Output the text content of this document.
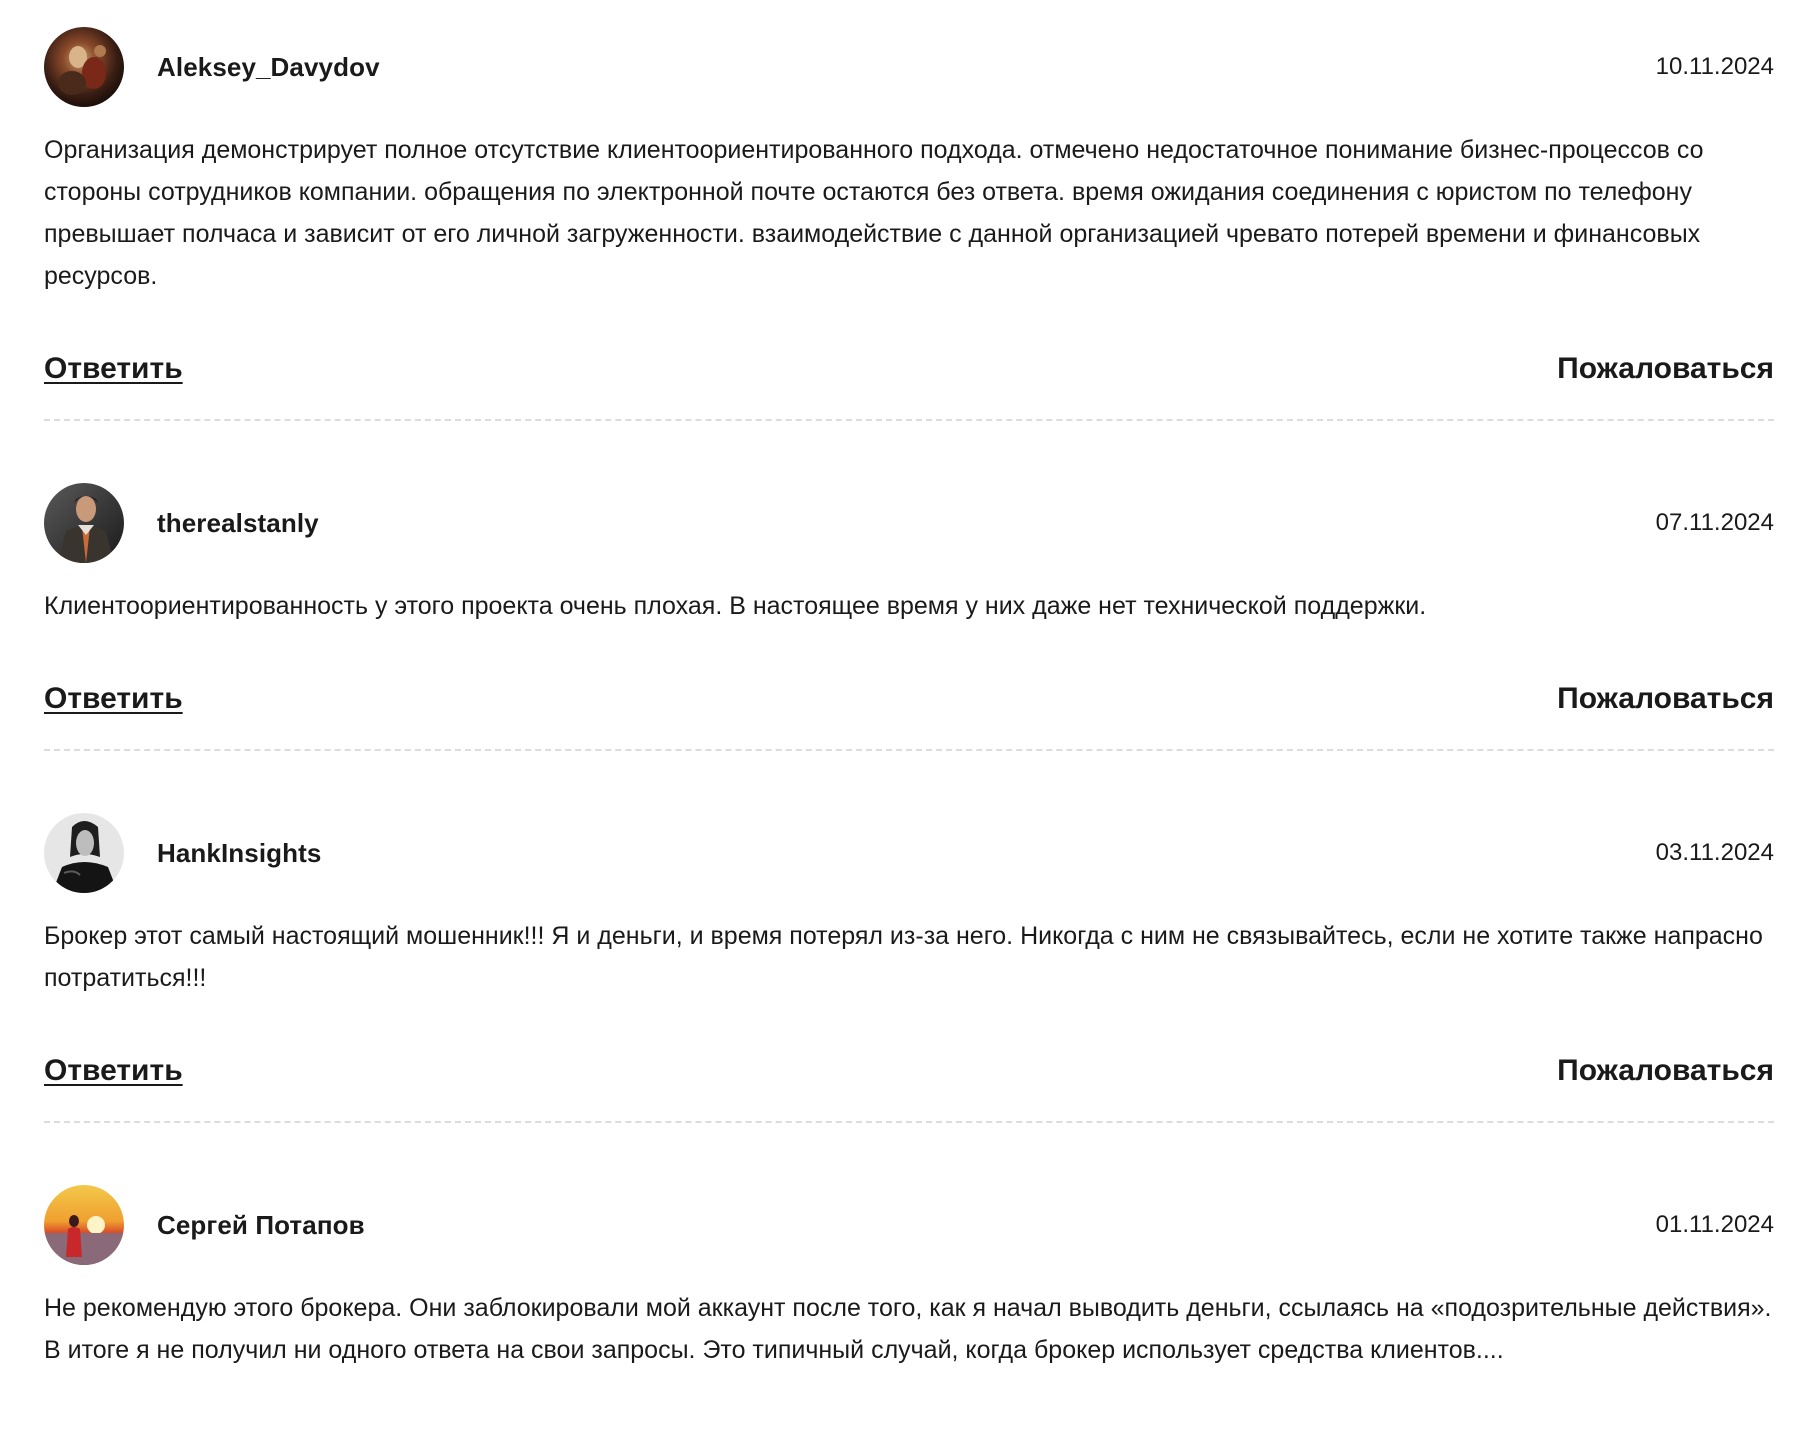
Aleksey_Davydov	10.11.2024

Организация демонстрирует полное отсутствие клиентоориентированного подхода. отмечено недостаточное понимание бизнес-процессов со стороны сотрудников компании. обращения по электронной почте остаются без ответа. время ожидания соединения с юристом по телефону превышает полчаса и зависит от его личной загруженности. взаимодействие с данной организацией чревато потерей времени и финансовых ресурсов.

Ответить	Пожаловаться
therealstanly	07.11.2024

Клиентоориентированность у этого проекта очень плохая. В настоящее время у них даже нет технической поддержки.

Ответить	Пожаловаться
HankInsights	03.11.2024

Брокер этот самый настоящий мошенник!!! Я и деньги, и время потерял из-за него. Никогда с ним не связывайтесь, если не хотите также напрасно потратиться!!!

Ответить	Пожаловаться
Сергей Потапов	01.11.2024

Не рекомендую этого брокера. Они заблокировали мой аккаунт после того, как я начал выводить деньги, ссылаясь на «подозрительные действия». В итоге я не получил ни одного ответа на свои запросы. Это типичный случай, когда брокер использует средства клиентов....
